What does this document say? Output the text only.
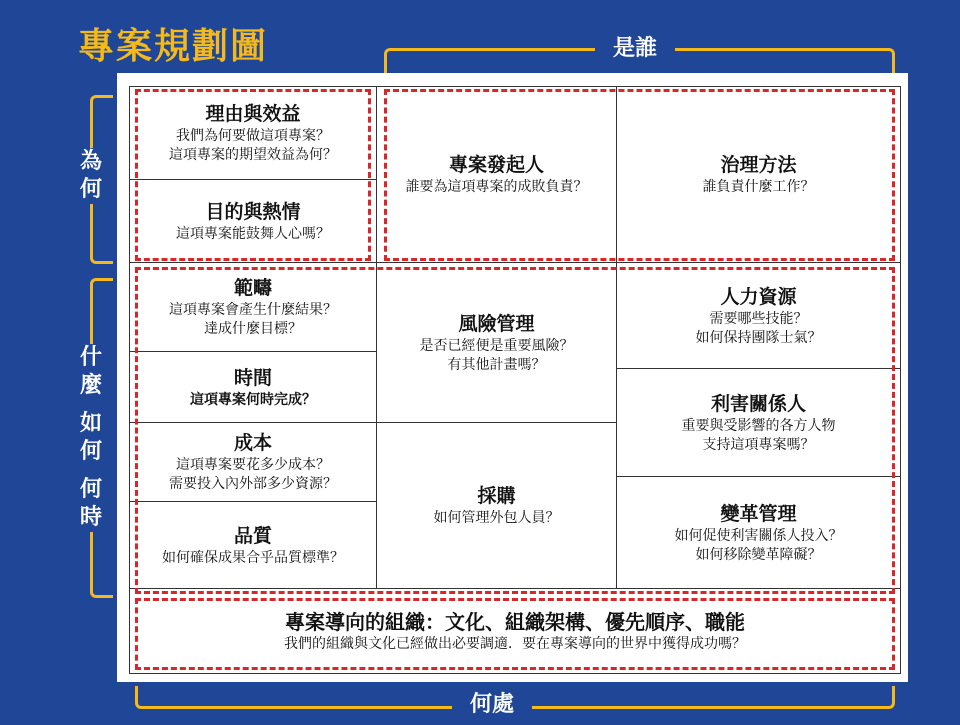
專案規劃圖	是誰
何處
為
何
什
麼
如
何
何
時
理由與效益
我們為何要做這項專案？
這項專案的期望效益為何？
目的與熱情
這項專案能鼓舞人心嗎？
專案發起人
誰要為這項專案的成敗負責？
治理方法
誰負責什麼工作？
範疇
這項專案會產生什麼結果？
達成什麼目標？
時間
這項專案何時完成？
成本
這項專案要花多少成本？
需要投入內外部多少資源？
品質
如何確保成果合乎品質標準？
風險管理
是否已經便是重要風險？
有其他計畫嗎？
採購
如何管理外包人員？
人力資源
需要哪些技能？
如何保持團隊士氣？
利害關係人
重要與受影響的各方人物
支持這項專案嗎？
變革管理
如何促使利害關係人投入？
如何移除變革障礙？
專案導向的組織：文化、組織架構、優先順序、職能
我們的組織與文化已經做出必要調適．要在專案導向的世界中獲得成功嗎？
